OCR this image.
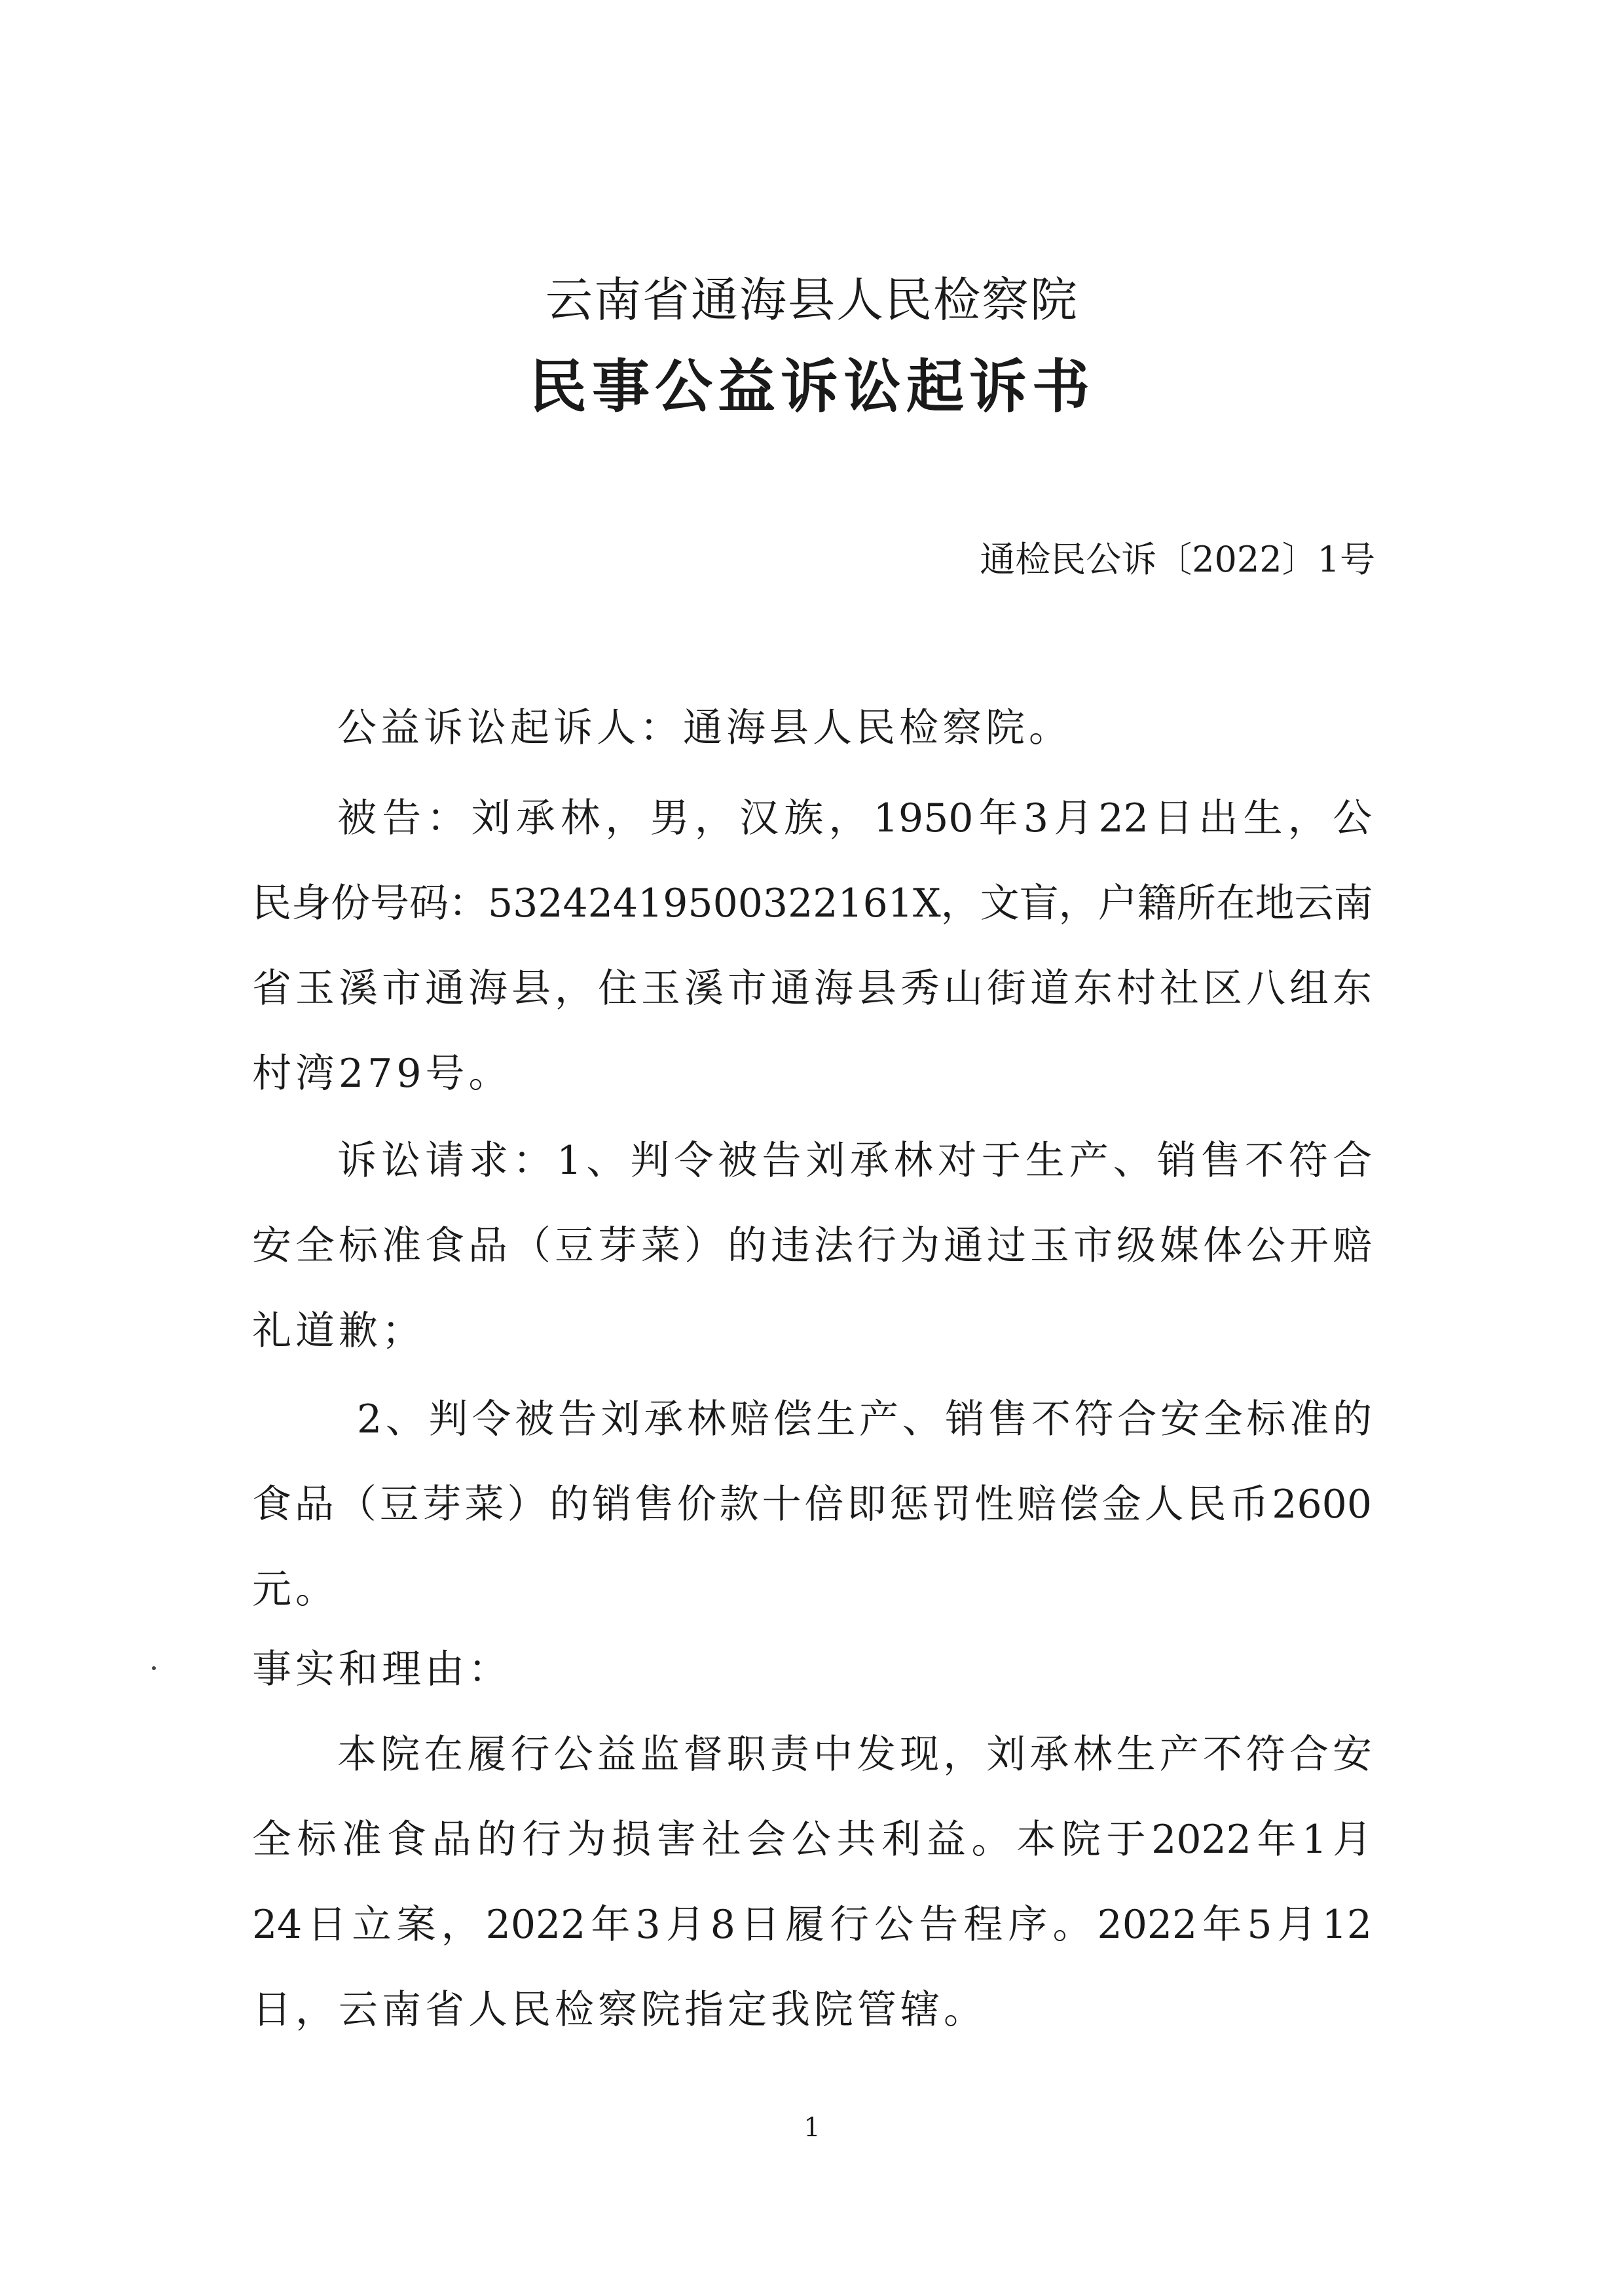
云南省通海县人民检察院
民事公益诉讼起诉书
通检民公诉〔2022〕1号
公益诉讼起诉人：通海县人民检察院。
被告：刘承林，男，汉族，1950年3月22日出生，公
民身份号码：53242419500322161X，文盲，户籍所在地云南
省玉溪市通海县，住玉溪市通海县秀山街道东村社区八组东
村湾279号。
诉讼请求：1、判令被告刘承林对于生产、销售不符合
安全标准食品（豆芽菜）的违法行为通过玉市级媒体公开赔
礼道歉；
2、判令被告刘承林赔偿生产、销售不符合安全标准的
食品（豆芽菜）的销售价款十倍即惩罚性赔偿金人民币2600
元。
事实和理由：
本院在履行公益监督职责中发现，刘承林生产不符合安
全标准食品的行为损害社会公共利益。本院于2022年1月
24日立案，2022年3月8日履行公告程序。2022年5月12
日，云南省人民检察院指定我院管辖。
1
